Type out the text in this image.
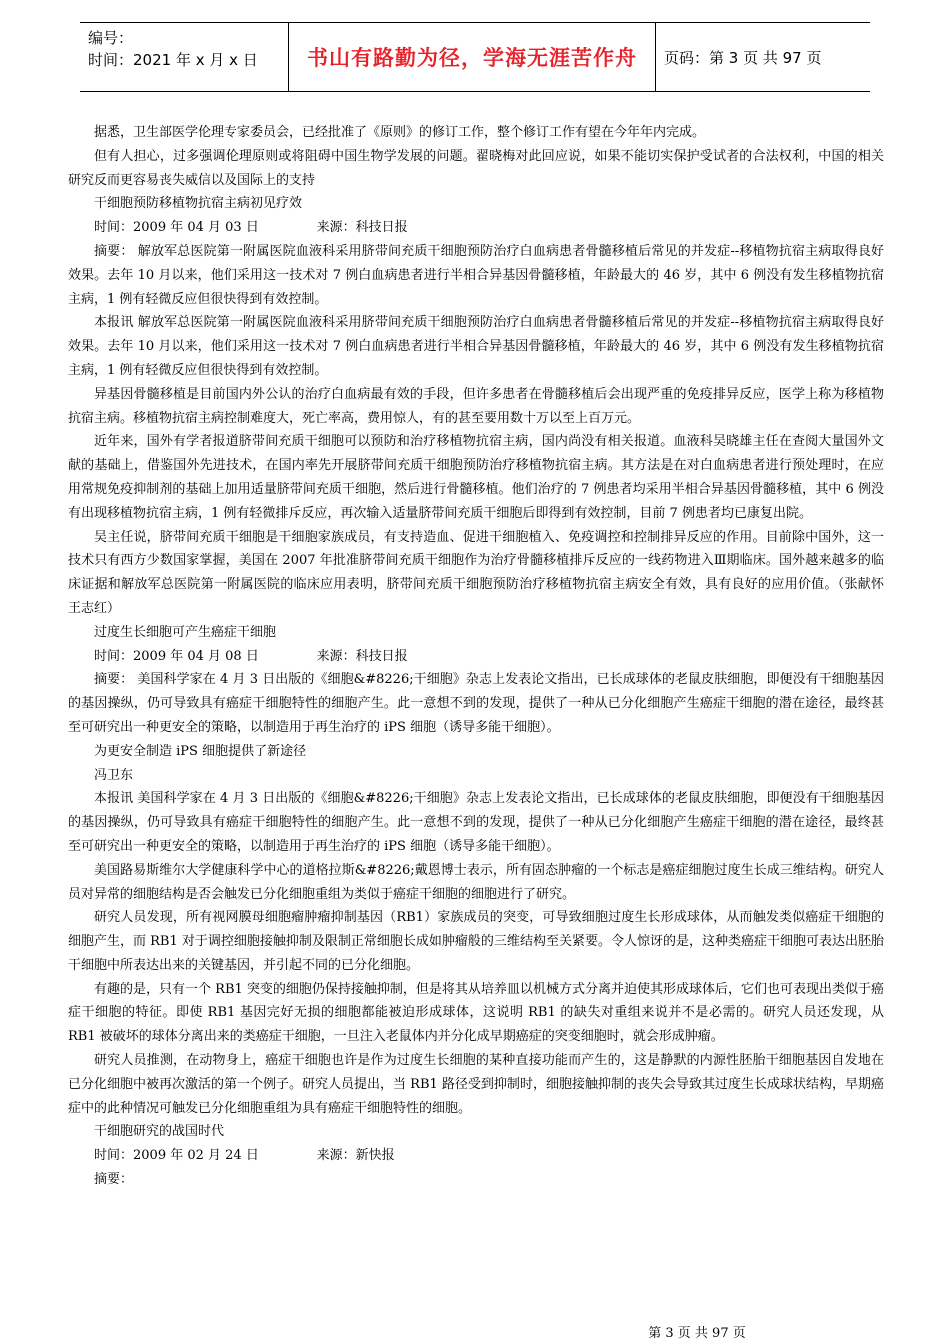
编号：
时间：2021 年 x 月 x 日	书山有路勤为径，学海无涯苦作舟	页码：第 3 页 共 97 页

据悉，卫生部医学伦理专家委员会，已经批准了《原则》的修订工作，整个修订工作有望在今年年内完成。

但有人担心，过多强调伦理原则或将阻碍中国生物学发展的问题。翟晓梅对此回应说，如果不能切实保护受试者的合法权利，中国的相关研究反而更容易丧失威信以及国际上的支持

干细胞预防移植物抗宿主病初见疗效

时间：2009 年 04 月 03 日              来源：科技日报

摘要： 解放军总医院第一附属医院血液科采用脐带间充质干细胞预防治疗白血病患者骨髓移植后常见的并发症--移植物抗宿主病取得良好效果。去年 10 月以来，他们采用这一技术对 7 例白血病患者进行半相合异基因骨髓移植，年龄最大的 46 岁，其中 6 例没有发生移植物抗宿主病，1 例有轻微反应但很快得到有效控制。

本报讯 解放军总医院第一附属医院血液科采用脐带间充质干细胞预防治疗白血病患者骨髓移植后常见的并发症--移植物抗宿主病取得良好效果。去年 10 月以来，他们采用这一技术对 7 例白血病患者进行半相合异基因骨髓移植，年龄最大的 46 岁，其中 6 例没有发生移植物抗宿主病，1 例有轻微反应但很快得到有效控制。

异基因骨髓移植是目前国内外公认的治疗白血病最有效的手段，但许多患者在骨髓移植后会出现严重的免疫排异反应，医学上称为移植物抗宿主病。移植物抗宿主病控制难度大，死亡率高，费用惊人，有的甚至要用数十万以至上百万元。

近年来，国外有学者报道脐带间充质干细胞可以预防和治疗移植物抗宿主病，国内尚没有相关报道。血液科吴晓雄主任在查阅大量国外文献的基础上，借鉴国外先进技术，在国内率先开展脐带间充质干细胞预防治疗移植物抗宿主病。其方法是在对白血病患者进行预处理时，在应用常规免疫抑制剂的基础上加用适量脐带间充质干细胞，然后进行骨髓移植。他们治疗的 7 例患者均采用半相合异基因骨髓移植，其中 6 例没有出现移植物抗宿主病，1 例有轻微排斥反应，再次输入适量脐带间充质干细胞后即得到有效控制，目前 7 例患者均已康复出院。

吴主任说，脐带间充质干细胞是干细胞家族成员，有支持造血、促进干细胞植入、免疫调控和控制排异反应的作用。目前除中国外，这一技术只有西方少数国家掌握，美国在 2007 年批准脐带间充质干细胞作为治疗骨髓移植排斥反应的一线药物进入Ⅲ期临床。国外越来越多的临床证据和解放军总医院第一附属医院的临床应用表明，脐带间充质干细胞预防治疗移植物抗宿主病安全有效，具有良好的应用价值。（张献怀 王志红）

过度生长细胞可产生癌症干细胞

时间：2009 年 04 月 08 日              来源：科技日报

摘要： 美国科学家在 4 月 3 日出版的《细胞&#8226;干细胞》杂志上发表论文指出，已长成球体的老鼠皮肤细胞，即便没有干细胞基因的基因操纵，仍可导致具有癌症干细胞特性的细胞产生。此一意想不到的发现，提供了一种从已分化细胞产生癌症干细胞的潜在途径，最终甚至可研究出一种更安全的策略，以制造用于再生治疗的 iPS 细胞（诱导多能干细胞）。

为更安全制造 iPS 细胞提供了新途径

冯卫东

本报讯 美国科学家在 4 月 3 日出版的《细胞&#8226;干细胞》杂志上发表论文指出，已长成球体的老鼠皮肤细胞，即便没有干细胞基因的基因操纵，仍可导致具有癌症干细胞特性的细胞产生。此一意想不到的发现，提供了一种从已分化细胞产生癌症干细胞的潜在途径，最终甚至可研究出一种更安全的策略，以制造用于再生治疗的 iPS 细胞（诱导多能干细胞）。

美国路易斯维尔大学健康科学中心的道格拉斯&#8226;戴恩博士表示，所有固态肿瘤的一个标志是癌症细胞过度生长成三维结构。研究人员对异常的细胞结构是否会触发已分化细胞重组为类似于癌症干细胞的细胞进行了研究。

研究人员发现，所有视网膜母细胞瘤肿瘤抑制基因（RB1）家族成员的突变，可导致细胞过度生长形成球体，从而触发类似癌症干细胞的细胞产生，而 RB1 对于调控细胞接触抑制及限制正常细胞长成如肿瘤般的三维结构至关紧要。令人惊讶的是，这种类癌症干细胞可表达出胚胎干细胞中所表达出来的关键基因，并引起不同的已分化细胞。

有趣的是，只有一个 RB1 突变的细胞仍保持接触抑制，但是将其从培养皿以机械方式分离并迫使其形成球体后，它们也可表现出类似于癌症干细胞的特征。即使 RB1 基因完好无损的细胞都能被迫形成球体，这说明 RB1 的缺失对重组来说并不是必需的。研究人员还发现，从 RB1 被破坏的球体分离出来的类癌症干细胞，一旦注入老鼠体内并分化成早期癌症的突变细胞时，就会形成肿瘤。

研究人员推测，在动物身上，癌症干细胞也许是作为过度生长细胞的某种直接功能而产生的，这是静默的内源性胚胎干细胞基因自发地在已分化细胞中被再次激活的第一个例子。研究人员提出，当 RB1 路径受到抑制时，细胞接触抑制的丧失会导致其过度生长成球状结构，早期癌症中的此种情况可触发已分化细胞重组为具有癌症干细胞特性的细胞。

干细胞研究的战国时代

时间：2009 年 02 月 24 日              来源：新快报

摘要：

第 3 页 共 97 页
